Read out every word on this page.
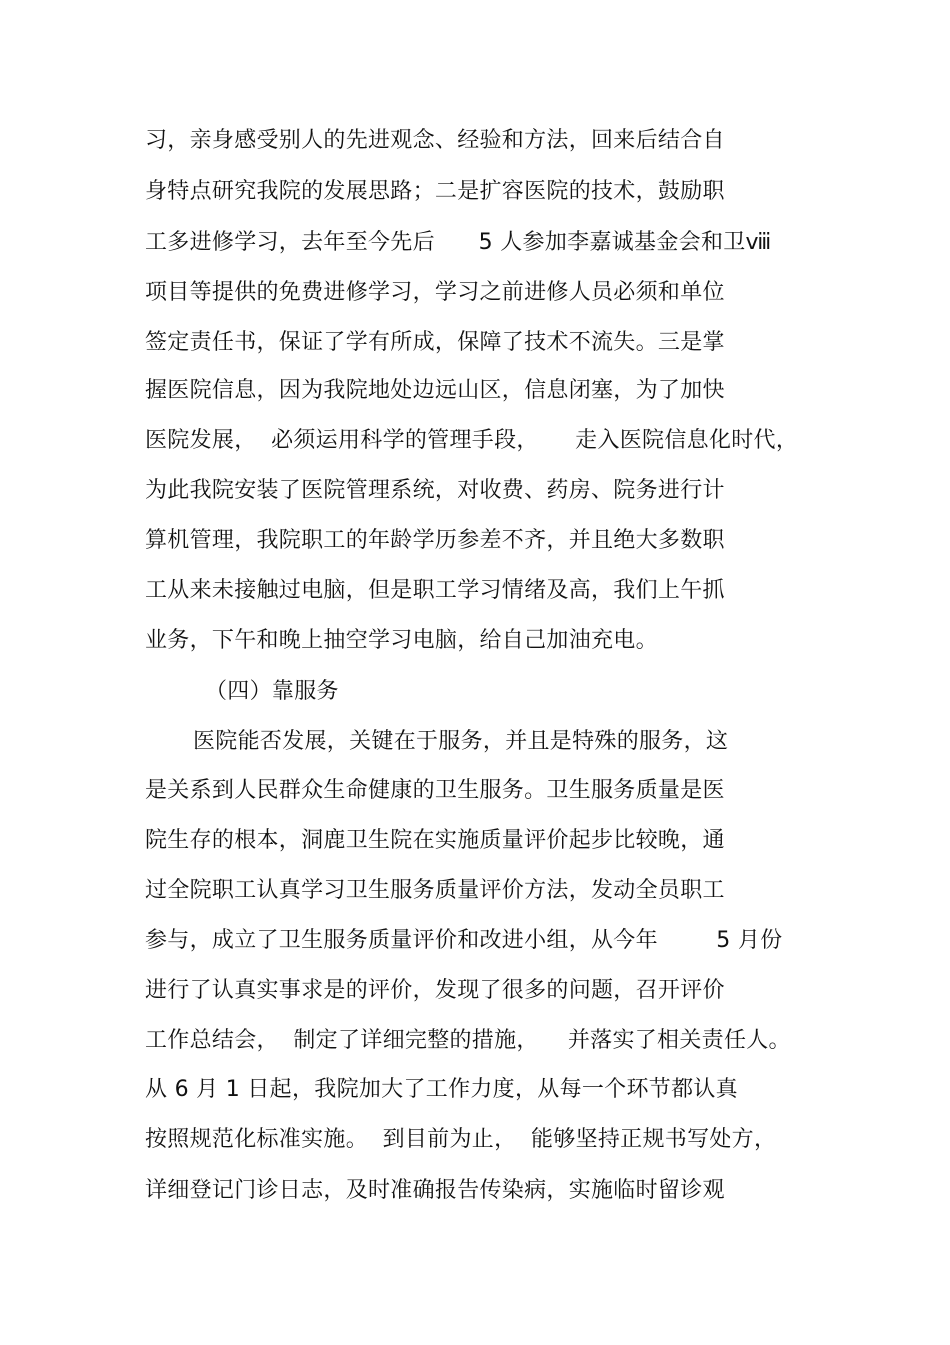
习，亲身感受别人的先进观念、经验和方法，回来后结合自
身特点研究我院的发展思路；二是扩容医院的技术，鼓励职
工多进修学习，去年至今先后      5 人参加李嘉诚基金会和卫ⅷ
项目等提供的免费进修学习，学习之前进修人员必须和单位
签定责任书，保证了学有所成，保障了技术不流失。三是掌
握医院信息，因为我院地处边远山区，信息闭塞，为了加快
医院发展，  必须运用科学的管理手段，     走入医院信息化时代，
为此我院安装了医院管理系统，对收费、药房、院务进行计
算机管理，我院职工的年龄学历参差不齐，并且绝大多数职
工从来未接触过电脑，但是职工学习情绪及高，我们上午抓
业务，下午和晚上抽空学习电脑，给自己加油充电。
（四）靠服务
医院能否发展，关键在于服务，并且是特殊的服务，这
是关系到人民群众生命健康的卫生服务。卫生服务质量是医
院生存的根本，洞鹿卫生院在实施质量评价起步比较晚，通
过全院职工认真学习卫生服务质量评价方法，发动全员职工
参与，成立了卫生服务质量评价和改进小组，从今年        5 月份
进行了认真实事求是的评价，发现了很多的问题，召开评价
工作总结会，  制定了详细完整的措施，    并落实了相关责任人。
从 6 月 1 日起，我院加大了工作力度，从每一个环节都认真
按照规范化标准实施。  到目前为止，  能够坚持正规书写处方，
详细登记门诊日志，及时准确报告传染病，实施临时留诊观
